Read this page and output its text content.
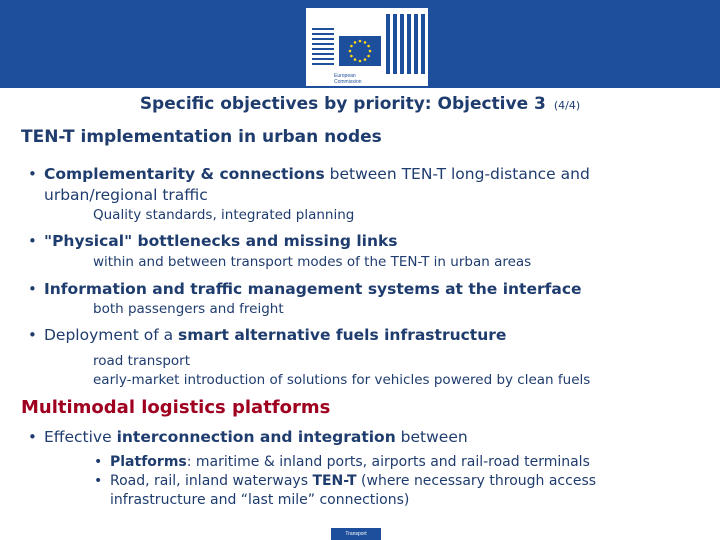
European
Commission
Specific objectives by priority: Objective 3 (4/4)
TEN-T implementation in urban nodes
• Complementarity & connections between TEN-T long-distance and urban/regional traffic
Quality standards, integrated planning
• "Physical" bottlenecks and missing links
within and between transport modes of the TEN-T in urban areas
• Information and traffic management systems at the interface
both passengers and freight
• Deployment of a smart alternative fuels infrastructure
road transport
early-market introduction of solutions for vehicles powered by clean fuels
Multimodal logistics platforms
• Effective interconnection and integration between
• Platforms: maritime & inland ports, airports and rail-road terminals
• Road, rail, inland waterways TEN-T (where necessary through access infrastructure and “last mile” connections)
Transport
